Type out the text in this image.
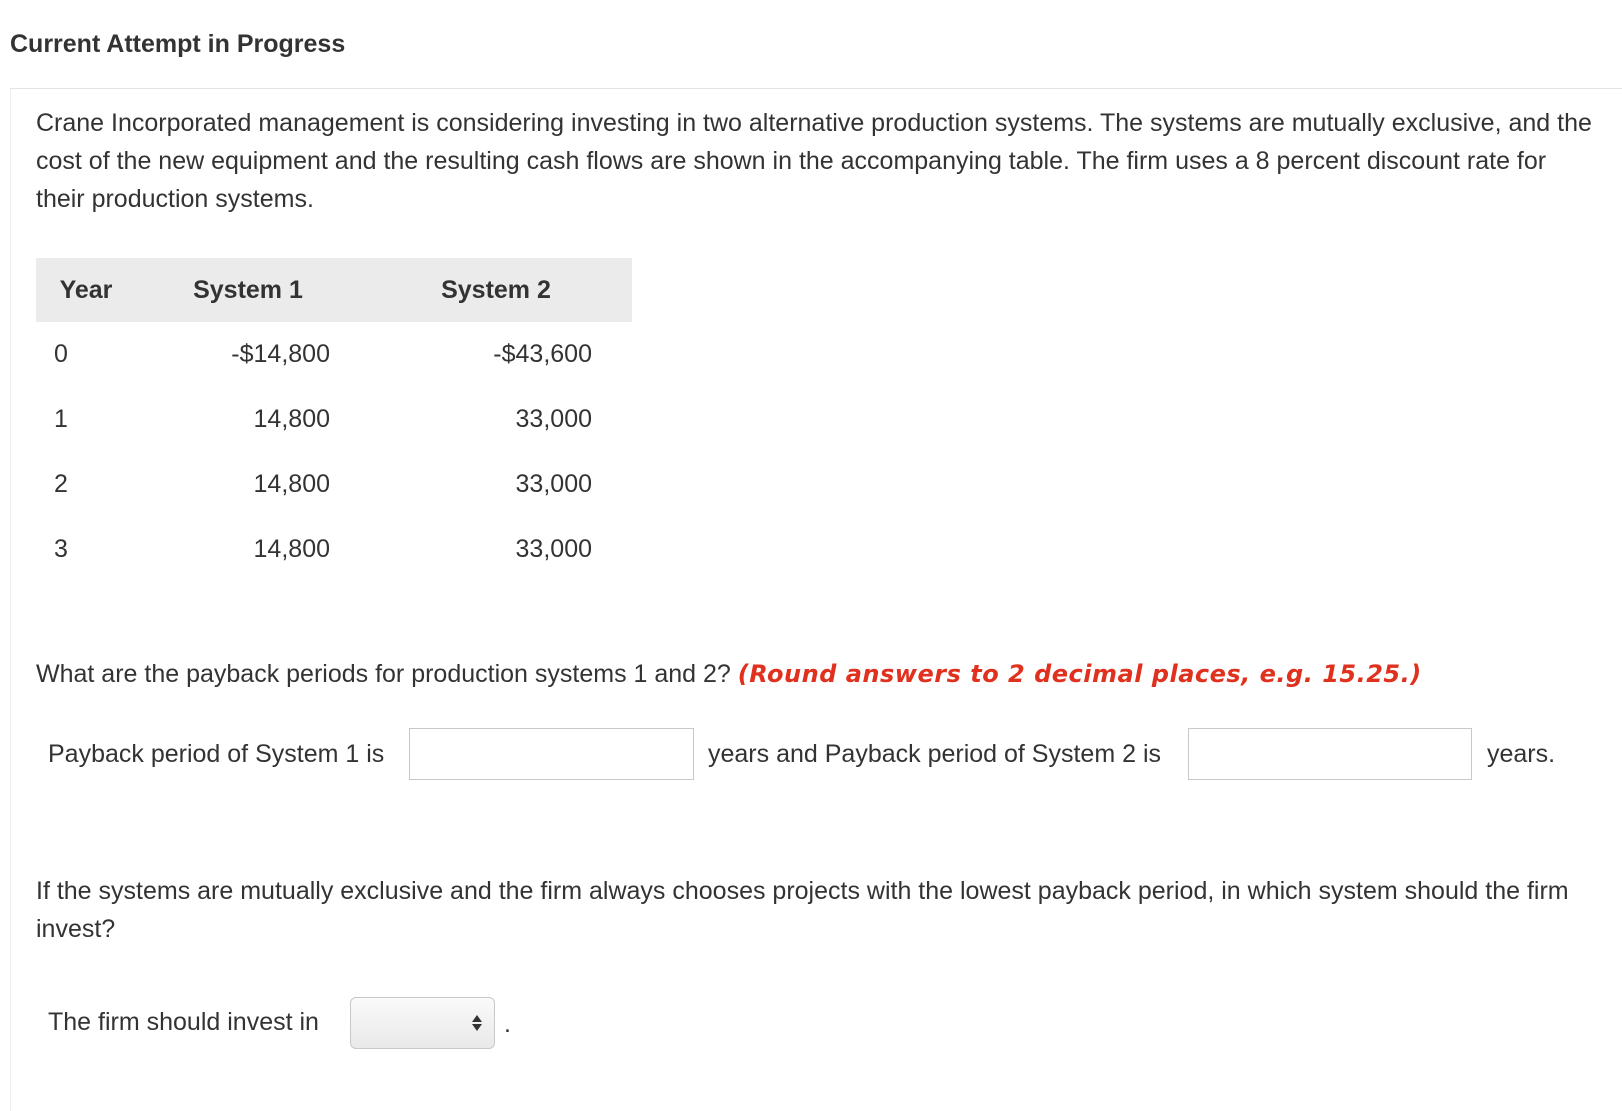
Current Attempt in Progress
Crane Incorporated management is considering investing in two alternative production systems. The systems are mutually exclusive, and the cost of the new equipment and the resulting cash flows are shown in the accompanying table. The firm uses a 8 percent discount rate for their production systems.
Year	System 1	System 2
0	-$14,800	-$43,600
1	14,800	33,000
2	14,800	33,000
3	14,800	33,000
What are the payback periods for production systems 1 and 2? (Round answers to 2 decimal places, e.g. 15.25.)
Payback period of System 1 is	years and Payback period of System 2 is	years.
If the systems are mutually exclusive and the firm always chooses projects with the lowest payback period, in which system should the firm invest?
The firm should invest in	.
